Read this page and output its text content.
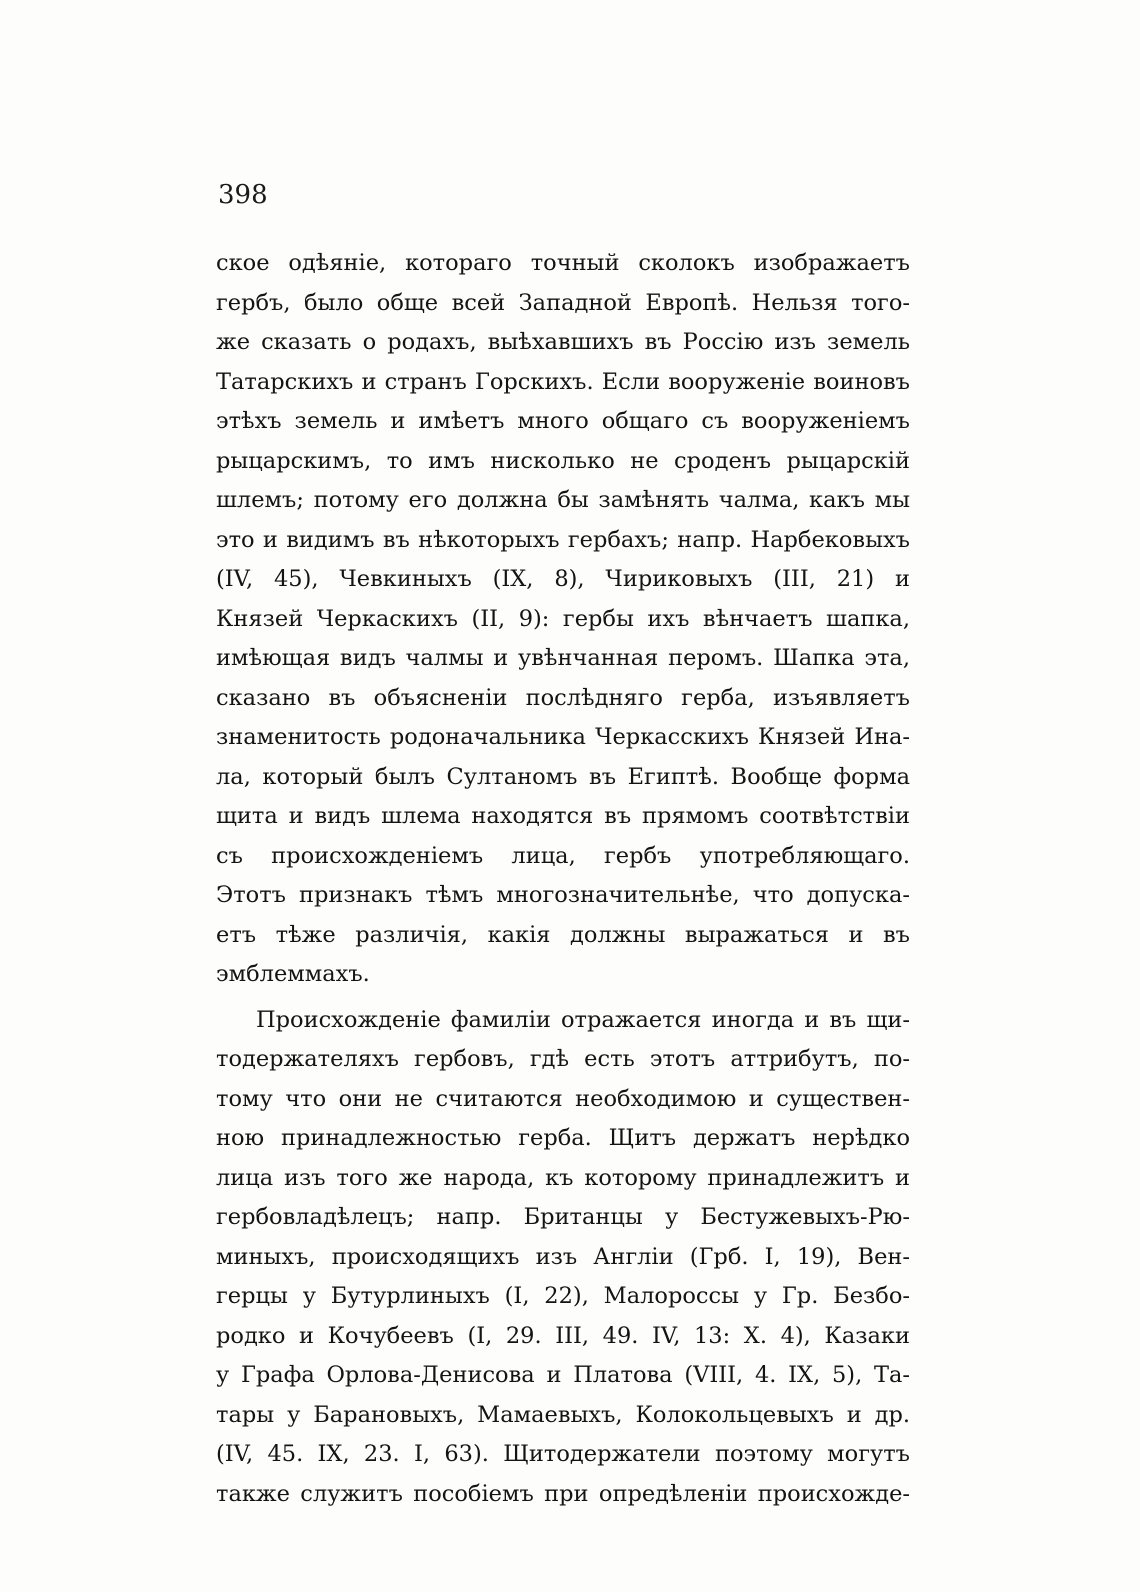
398
ское одѣяніе, котораго точный сколокъ изображаетъ
гербъ, было обще всей Западной Европѣ. Нельзя того-
же сказать о родахъ, выѣхавшихъ въ Россію изъ земель
Татарскихъ и странъ Горскихъ. Если вооруженіе воиновъ
этѣхъ земель и имѣетъ много общаго съ вооруженіемъ
рыцарскимъ, то имъ нисколько не сроденъ рыцарскій
шлемъ; потому его должна бы замѣнять чалма, какъ мы
это и видимъ въ нѣкоторыхъ гербахъ; напр. Нарбековыхъ
(IV, 45), Чевкиныхъ (IX, 8), Чириковыхъ (III, 21) и
Князей Черкаскихъ (II, 9): гербы ихъ вѣнчаетъ шапка,
имѣющая видъ чалмы и увѣнчанная перомъ. Шапка эта,
сказано въ объясненіи послѣдняго герба, изъявляетъ
знаменитость родоначальника Черкасскихъ Князей Ина-
ла, который былъ Султаномъ въ Египтѣ. Вообще форма
щита и видъ шлема находятся въ прямомъ соотвѣтствіи
съ происхожденіемъ лица, гербъ употребляющаго.
Этотъ признакъ тѣмъ многозначительнѣе, что допуска-
етъ тѣже различія, какія должны выражаться и въ
эмблеммахъ.
Происхожденіе фамиліи отражается иногда и въ щи-
тодержателяхъ гербовъ, гдѣ есть этотъ аттрибутъ, по-
тому что они не считаются необходимою и существен-
ною принадлежностью герба. Щитъ держатъ нерѣдко
лица изъ того же народа, къ которому принадлежитъ и
гербовладѣлецъ; напр. Британцы у Бестужевыхъ-Рю-
миныхъ, происходящихъ изъ Англіи (Грб. I, 19), Вен-
герцы у Бутурлиныхъ (I, 22), Малороссы у Гр. Безбо-
родко и Кочубеевъ (I, 29. III, 49. IV, 13: X. 4), Казаки
у Графа Орлова-Денисова и Платова (VIII, 4. IX, 5), Та-
тары у Барановыхъ, Мамаевыхъ, Колокольцевыхъ и др.
(IV, 45. IX, 23. I, 63). Щитодержатели поэтому могутъ
также служитъ пособіемъ при опредѣленіи происхожде-
